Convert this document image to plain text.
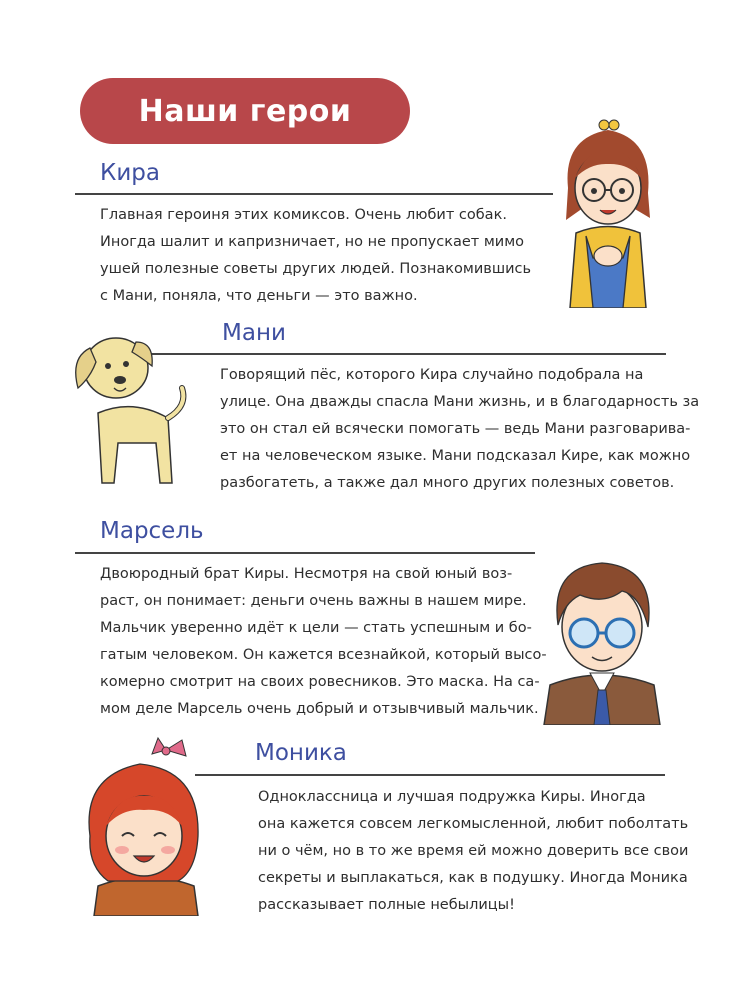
Наши герои
Кира
Главная героиня этих комиксов. Очень любит собак.
Иногда шалит и капризничает, но не пропускает мимо
ушей полезные советы других людей. Познакомившись
с Мани, поняла, что деньги — это важно.
Мани
Говорящий пёс, которого Кира случайно подобрала на
улице. Она дважды спасла Мани жизнь, и в благодарность за
это он стал ей всячески помогать — ведь Мани разговарива-
ет на человеческом языке. Мани подсказал Кире, как можно
разбогатеть, а также дал много других полезных советов.
Марсель
Двоюродный брат Киры. Несмотря на свой юный воз-
раст, он понимает: деньги очень важны в нашем мире.
Мальчик уверенно идёт к цели — стать успешным и бо-
гатым человеком. Он кажется всезнайкой, который высо-
комерно смотрит на своих ровесников. Это маска. На са-
мом деле Марсель очень добрый и отзывчивый мальчик.
Моника
Одноклассница и лучшая подружка Киры. Иногда
она кажется совсем легкомысленной, любит поболтать
ни о чём, но в то же время ей можно доверить все свои
секреты и выплакаться, как в подушку. Иногда Моника
рассказывает полные небылицы!
